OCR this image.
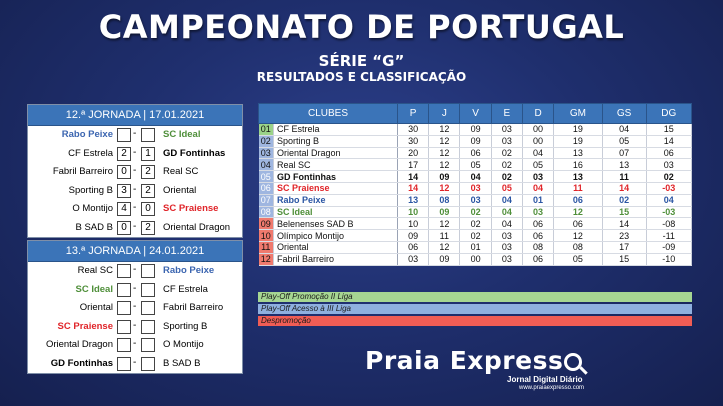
CAMPEONATO DE PORTUGAL
SÉRIE “G”
RESULTADOS E CLASSIFICAÇÃO
12.ª JORNADA | 17.01.2021
Rabo Peixe -	SC Ideal
CF Estrela 2 - 1	GD Fontinhas
Fabril Barreiro 0 - 2	Real SC
Sporting B 3 - 2	Oriental
O Montijo 4 - 0	SC Praiense
B SAD B 0 - 2	Oriental Dragon
13.ª JORNADA | 24.01.2021
Real SC -	Rabo Peixe
SC Ideal -	CF Estrela
Oriental -	Fabril Barreiro
SC Praiense -	Sporting B
Oriental Dragon -	O Montijo
GD Fontinhas -	B SAD B
CLUBES		P	J	V	E	D	GM	GS	DG
01	CF Estrela	30	12	09	03	00	19	04	15
02	Sporting B	30	12	09	03	00	19	05	14
03	Oriental Dragon	20	12	06	02	04	13	07	06
04	Real SC	17	12	05	02	05	16	13	03
05	GD Fontinhas	14	09	04	02	03	13	11	02
06	SC Praiense	14	12	03	05	04	11	14	-03
07	Rabo Peixe	13	08	03	04	01	06	02	04
08	SC Ideal	10	09	02	04	03	12	15	-03
09	Belenenses SAD B	10	12	02	04	06	06	14	-08
10	Olímpico Montijo	09	11	02	03	06	12	23	-11
11	Oriental	06	12	01	03	08	08	17	-09
12	Fabril Barreiro	03	09	00	03	06	05	15	-10
Play-Off Promoção II Liga
Play-Off Acesso à III Liga
Despromoção
Praia Express
Jornal Digital Diário
www.praiaexpresso.com
